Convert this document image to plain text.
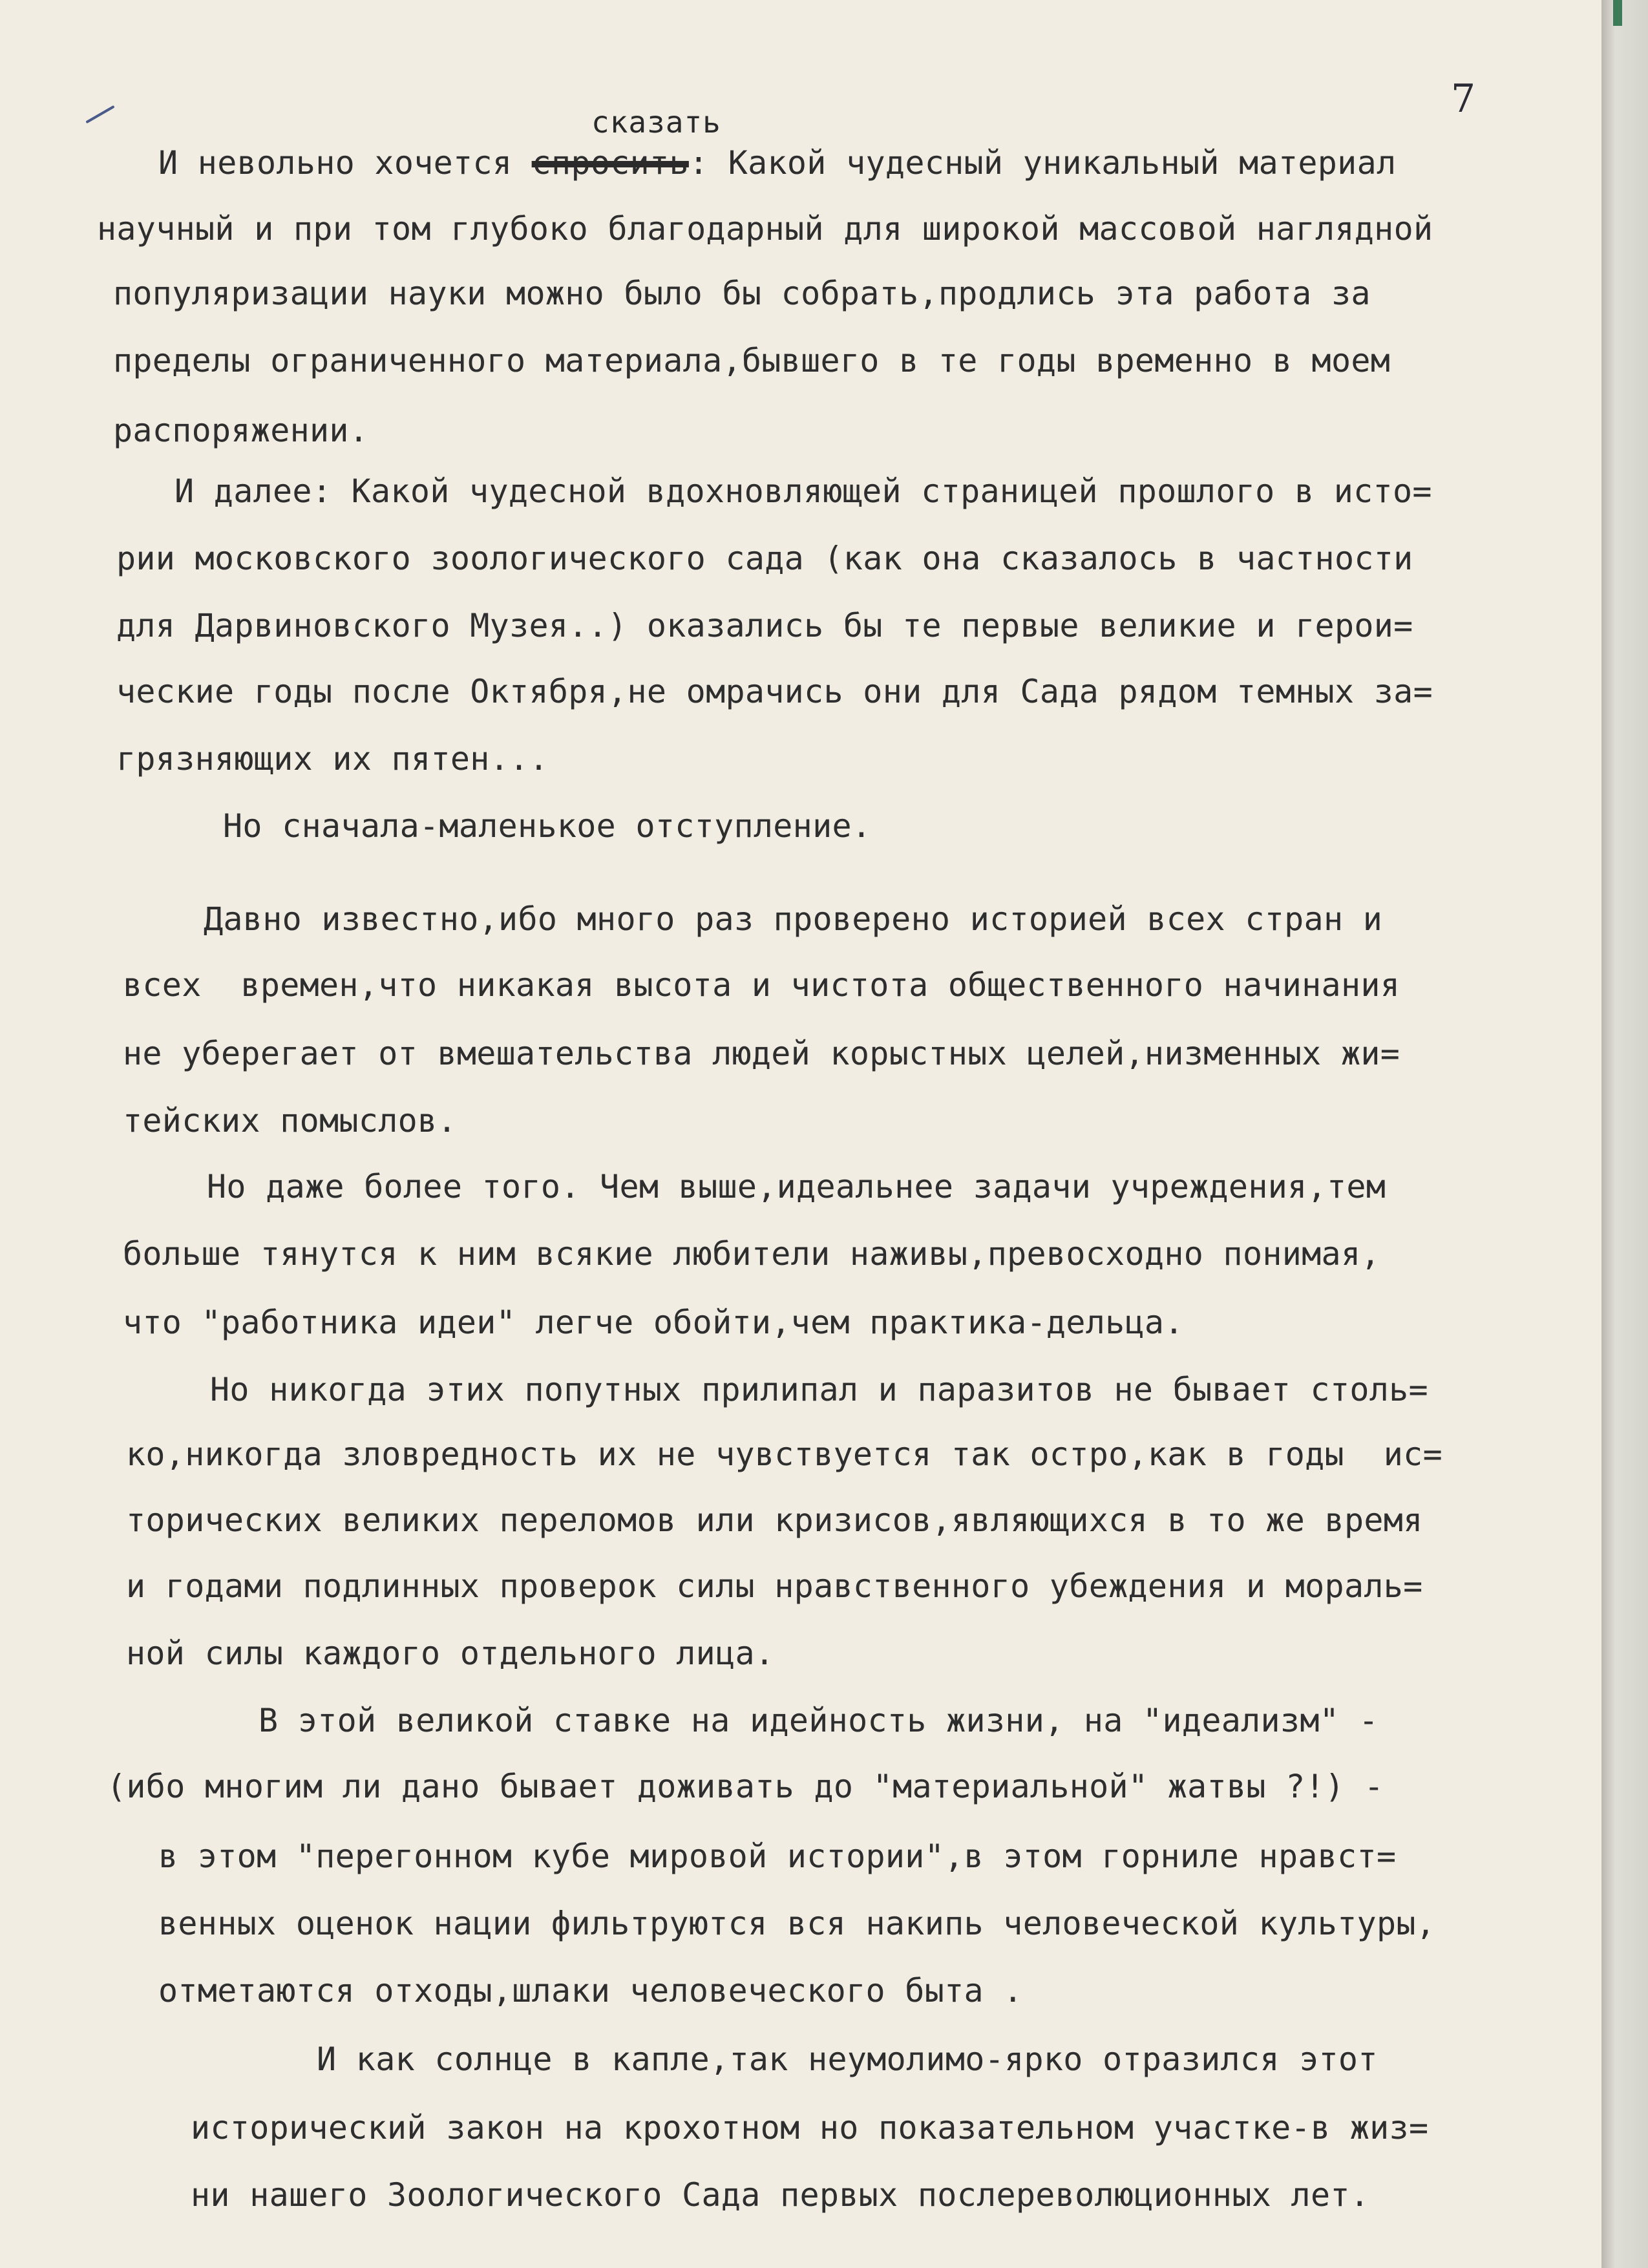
7
сказать
И невольно хочется спросить: Какой чудесный уникальный материал
научный и при том глубоко благодарный для широкой массовой наглядной
популяризации науки можно было бы собрать,продлись эта работа за
пределы ограниченного материала,бывшего в те годы временно в моем
распоряжении.
И далее: Какой чудесной вдохновляющей страницей прошлого в исто=
рии московского зоологического сада (как она сказалось в частности
для Дарвиновского Музея..) оказались бы те первые великие и герои=
ческие годы после Октября,не омрачись они для Сада рядом темных за=
грязняющих их пятен...
Но сначала-маленькое отступление.
Давно известно,ибо много раз проверено историей всех стран и
всех  времен,что никакая высота и чистота общественного начинания
не уберегает от вмешательства людей корыстных целей,низменных жи=
тейских помыслов.
Но даже более того. Чем выше,идеальнее задачи учреждения,тем
больше тянутся к ним всякие любители наживы,превосходно понимая,
что "работника идеи" легче обойти,чем практика-дельца.
Но никогда этих попутных прилипал и паразитов не бывает столь=
ко,никогда зловредность их не чувствуется так остро,как в годы  ис=
торических великих переломов или кризисов,являющихся в то же время
и годами подлинных проверок силы нравственного убеждения и мораль=
ной силы каждого отдельного лица.
В этой великой ставке на идейность жизни, на "идеализм" -
(ибо многим ли дано бывает доживать до "материальной" жатвы ?!) -
в этом "перегонном кубе мировой истории",в этом горниле нравст=
венных оценок нации фильтруются вся накипь человеческой культуры,
отметаются отходы,шлаки человеческого быта .
И как солнце в капле,так неумолимо-ярко отразился этот
исторический закон на крохотном но показательном участке-в жиз=
ни нашего Зоологического Сада первых послереволюционных лет.
